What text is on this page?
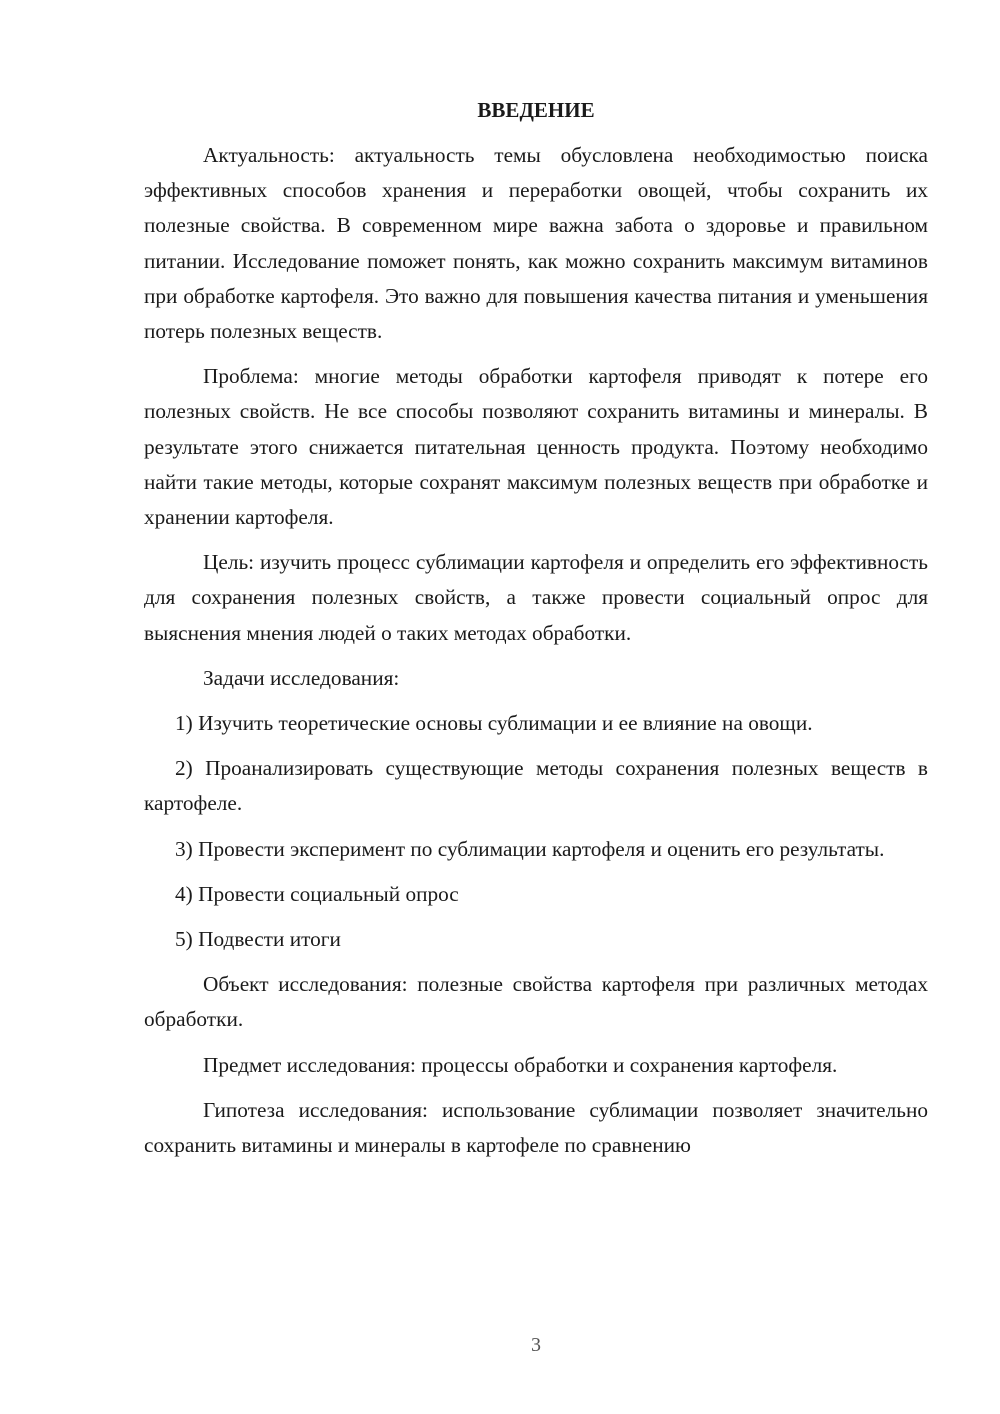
ВВЕДЕНИЕ

Актуальность: актуальность темы обусловлена необходимостью поиска эффективных способов хранения и переработки овощей, чтобы сохранить их полезные свойства. В современном мире важна забота о здоровье и правильном питании. Исследование поможет понять, как можно сохранить максимум витаминов при обработке картофеля. Это важно для повышения качества питания и уменьшения потерь полезных веществ.

Проблема: многие методы обработки картофеля приводят к потере его полезных свойств. Не все способы позволяют сохранить витамины и минералы. В результате этого снижается питательная ценность продукта. Поэтому необходимо найти такие методы, которые сохранят максимум полезных веществ при обработке и хранении картофеля.

Цель: изучить процесс сублимации картофеля и определить его эффективность для сохранения полезных свойств, а также провести социальный опрос для выяснения мнения людей о таких методах обработки.

Задачи исследования:

1) Изучить теоретические основы сублимации и ее влияние на овощи.

2) Проанализировать существующие методы сохранения полезных веществ в картофеле.

3) Провести эксперимент по сублимации картофеля и оценить его результаты.

4) Провести социальный опрос

5) Подвести итоги

Объект исследования: полезные свойства картофеля при различных методах обработки.

Предмет исследования: процессы обработки и сохранения картофеля.

Гипотеза исследования: использование сублимации позволяет значительно сохранить витамины и минералы в картофеле по сравнению

3
